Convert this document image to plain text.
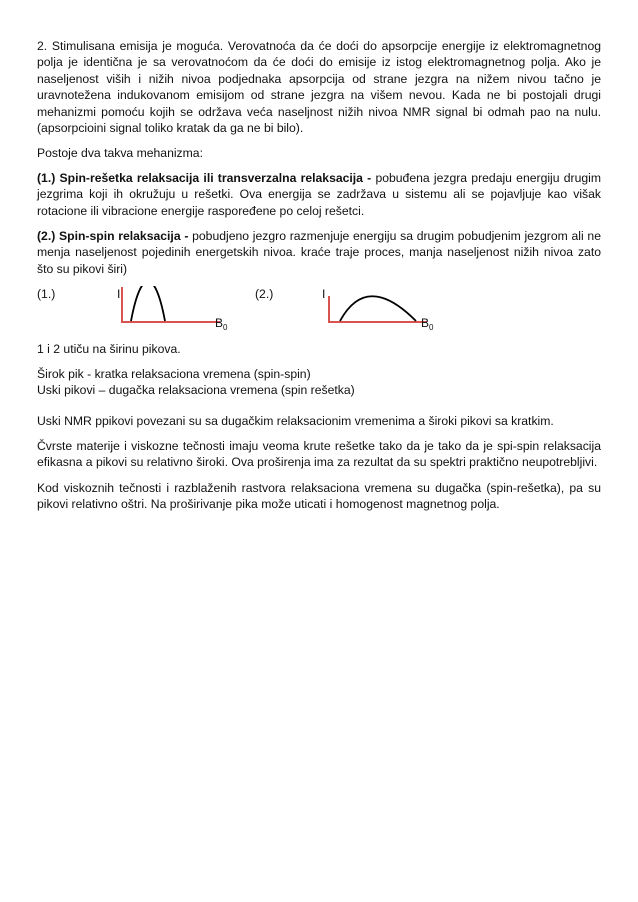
2. Stimulisana emisija je moguća. Verovatnoća da će doći do apsorpcije energije iz elektromagnetnog polja je identična je sa verovatnoćom da će doći do emisije iz istog elektromagnetnog polja. Ako je naseljenost viših i nižih nivoa podjednaka apsorpcija od strane jezgra na nižem nivou tačno je uravnotežena indukovanom emisijom od strane jezgra na višem nevou. Kada ne bi postojali drugi mehanizmi pomoću kojih se održava veća naseljnost nižih nivoa NMR signal bi odmah pao na nulu. (apsorpcioini signal toliko kratak da ga ne bi bilo).

Postoje dva takva mehanizma:

(1.) Spin-rešetka relaksacija ili transverzalna relaksacija - pobuđena jezgra predaju energiju drugim jezgrima koji ih okružuju u rešetki. Ova energija se zadržava u sistemu ali se pojavljuje kao višak rotacione ili vibracione energije raspoređene po celoj rešetci.

(2.) Spin-spin relaksacija - pobudjeno jezgro razmenjuje energiju sa drugim pobudjenim jezgrom ali ne menja naseljenost pojedinih energetskih nivoa. kraće traje proces, manja naseljenost nižih nivoa zato što su pikovi širi)

(1.)	I
$B_0$
(2.)	I
$B_0$

1 i 2 utiču na širinu pikova.

Širok pik - kratka relaksaciona vremena (spin-spin)

Uski pikovi – dugačka relaksaciona vremena (spin rešetka)

Uski NMR ppikovi povezani su sa dugačkim relaksacionim vremenima a široki pikovi sa kratkim.

Čvrste materije i viskozne tečnosti imaju veoma krute rešetke tako da je tako da je spi-spin relaksacija efikasna a pikovi su relativno široki. Ova proširenja ima za rezultat da su spektri praktično neupotrebljivi.

Kod viskoznih tečnosti i razblaženih rastvora relaksaciona vremena su dugačka (spin-rešetka), pa su pikovi relativno oštri. Na proširivanje pika može uticati i homogenost magnetnog polja.
